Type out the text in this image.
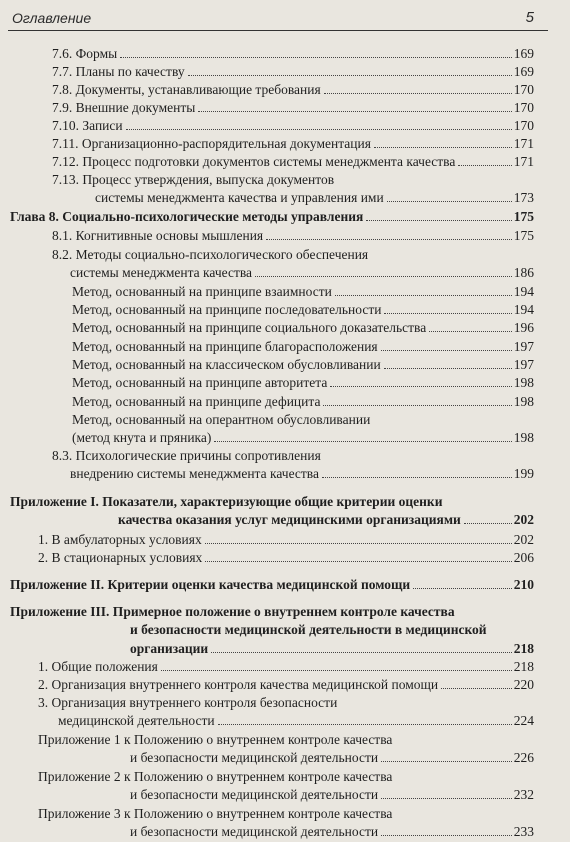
Оглавление	5
7.6. Формы	169
7.7. Планы по качеству	169
7.8. Документы, устанавливающие требования	170
7.9. Внешние документы	170
7.10. Записи	170
7.11. Организационно-распорядительная документация	171
7.12. Процесс подготовки документов системы менеджмента качества	171
7.13. Процесс утверждения, выпуска документов
системы менеджмента качества и управления ими	173
Глава 8. Социально-психологические методы управления	175
8.1. Когнитивные основы мышления	175
8.2. Методы социально-психологического обеспечения
системы менеджмента качества	186
Метод, основанный на принципе взаимности	194
Метод, основанный на принципе последовательности	194
Метод, основанный на принципе социального доказательства	196
Метод, основанный на принципе благорасположения	197
Метод, основанный на классическом обусловливании	197
Метод, основанный на принципе авторитета	198
Метод, основанный на принципе дефицита	198
Метод, основанный на оперантном обусловливании
(метод кнута и пряника)	198
8.3. Психологические причины сопротивления
внедрению системы менеджмента качества	199
Приложение I. Показатели, характеризующие общие критерии оценки
качества оказания услуг медицинскими организациями	202
1. В амбулаторных условиях	202
2. В стационарных условиях	206
Приложение II. Критерии оценки качества медицинской помощи	210
Приложение III. Примерное положение о внутреннем контроле качества
и безопасности медицинской деятельности в медицинской
организации	218
1. Общие положения	218
2. Организация внутреннего контроля качества медицинской помощи	220
3. Организация внутреннего контроля безопасности
медицинской деятельности	224
Приложение 1 к Положению о внутреннем контроле качества
и безопасности медицинской деятельности	226
Приложение 2 к Положению о внутреннем контроле качества
и безопасности медицинской деятельности	232
Приложение 3 к Положению о внутреннем контроле качества
и безопасности медицинской деятельности	233
